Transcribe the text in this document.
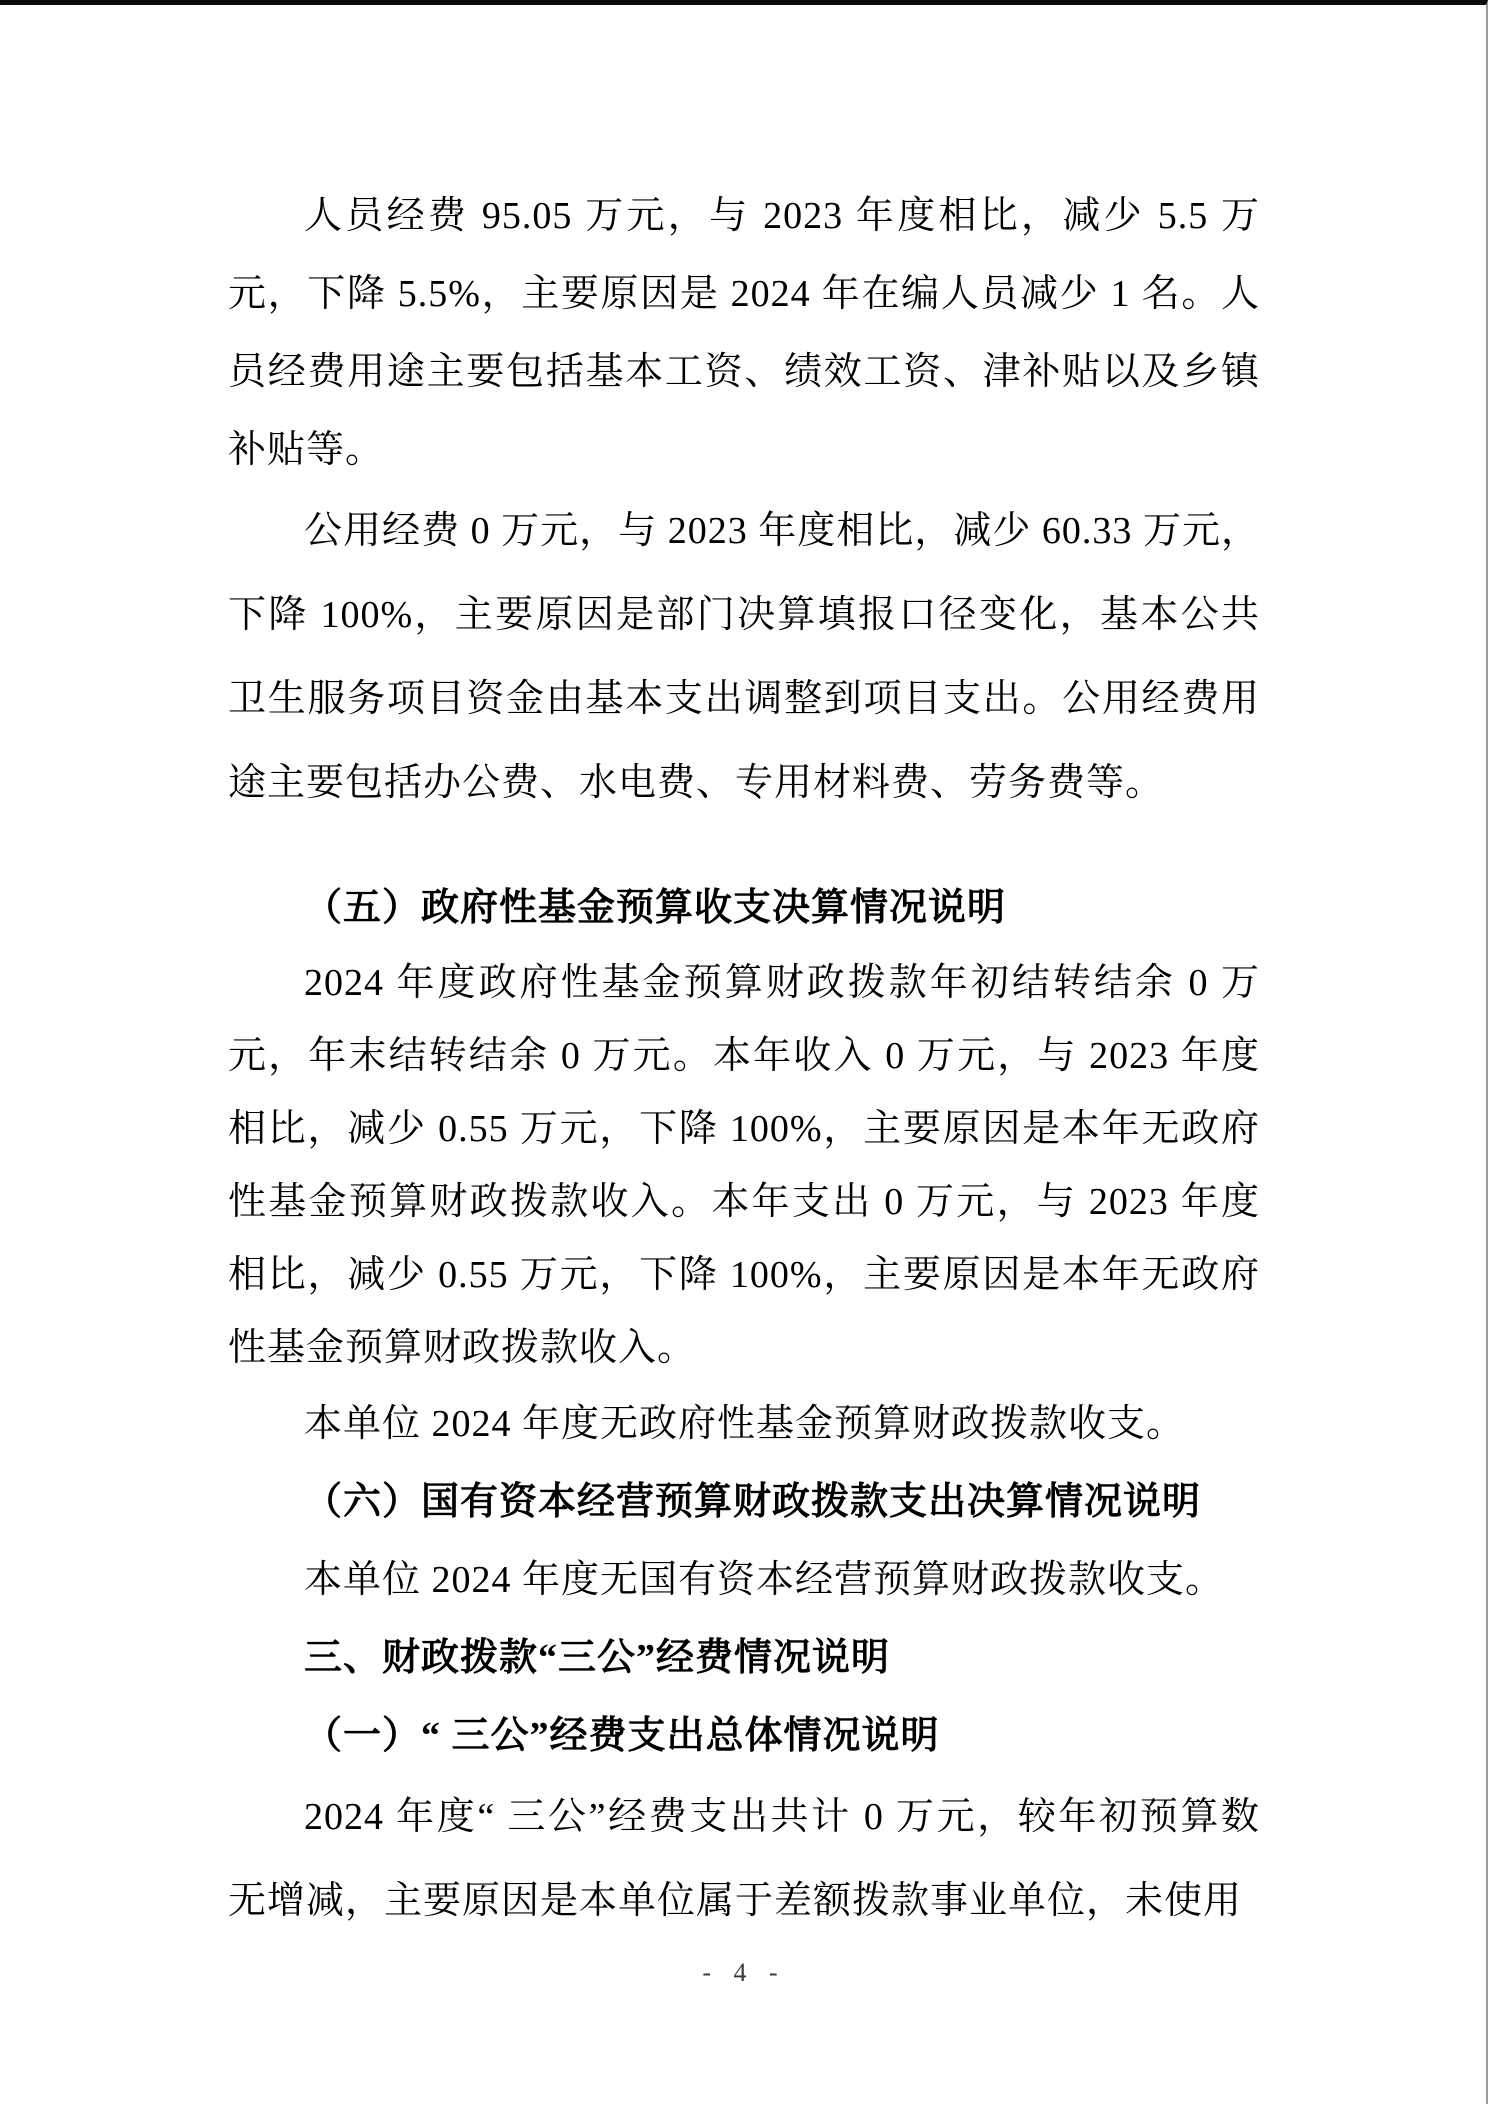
人员经费 95.05 万元，与 2023 年度相比，减少 5.5 万元，下降 5.5%，主要原因是 2024 年在编人员减少 1 名。人员经费用途主要包括基本工资、绩效工资、津补贴以及乡镇补贴等。

公用经费 0 万元，与 2023 年度相比，减少 60.33 万元，下降 100%，主要原因是部门决算填报口径变化，基本公共卫生服务项目资金由基本支出调整到项目支出。公用经费用途主要包括办公费、水电费、专用材料费、劳务费等。

（五）政府性基金预算收支决算情况说明

2024 年度政府性基金预算财政拨款年初结转结余 0 万元，年末结转结余 0 万元。本年收入 0 万元，与 2023 年度相比，减少 0.55 万元，下降 100%，主要原因是本年无政府性基金预算财政拨款收入。本年支出 0 万元，与 2023 年度相比，减少 0.55 万元，下降 100%，主要原因是本年无政府性基金预算财政拨款收入。

本单位 2024 年度无政府性基金预算财政拨款收支。

（六）国有资本经营预算财政拨款支出决算情况说明

本单位 2024 年度无国有资本经营预算财政拨款收支。

三、财政拨款“三公”经费情况说明
（一）“ 三公”经费支出总体情况说明

2024 年度“ 三公”经费支出共计 0 万元，较年初预算数无增减，主要原因是本单位属于差额拨款事业单位，未使用

- 4 -
